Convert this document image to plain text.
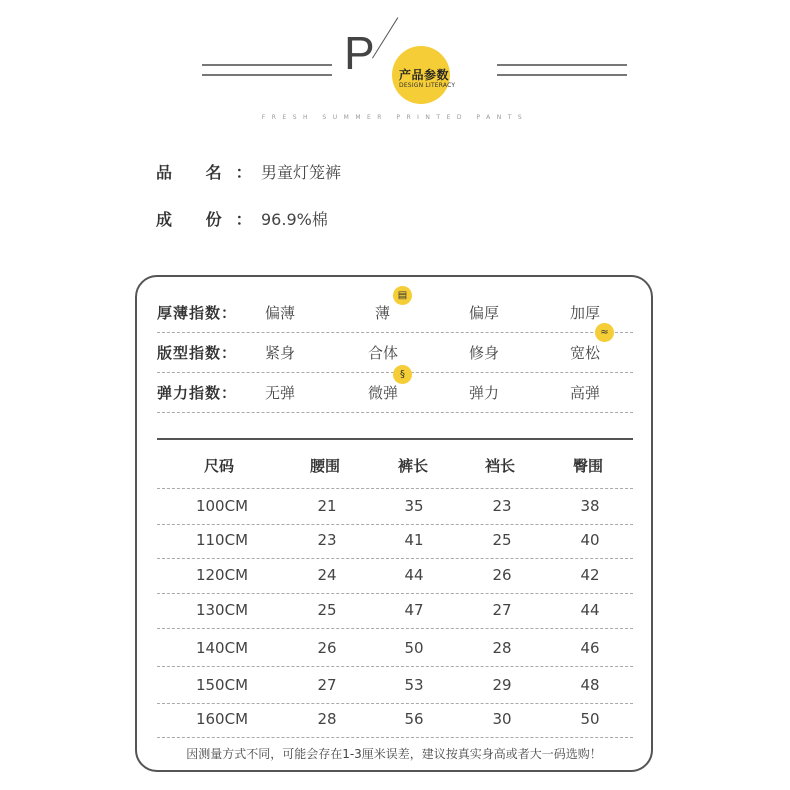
P 产品参数
DESIGN LITERACY
FRESH SUMMER PRINTED PANTS
品 名：
男童灯笼裤
成 份：
96.9%棉
厚薄指数： 偏薄	薄	偏厚	加厚
▤
版型指数： 紧身	合体	修身	宽松
≈
弹力指数： 无弹	微弹	弹力	高弹
§
尺码	腰围	裤长	裆长	臀围
100CM	21	35	23	38
110CM	23	41	25	40
120CM	24	44	26	42
130CM	25	47	27	44
140CM	26	50	28	46
150CM	27	53	29	48
160CM	28	56	30	50
因测量方式不同，可能会存在1-3厘米误差，建议按真实身高或者大一码选购！
